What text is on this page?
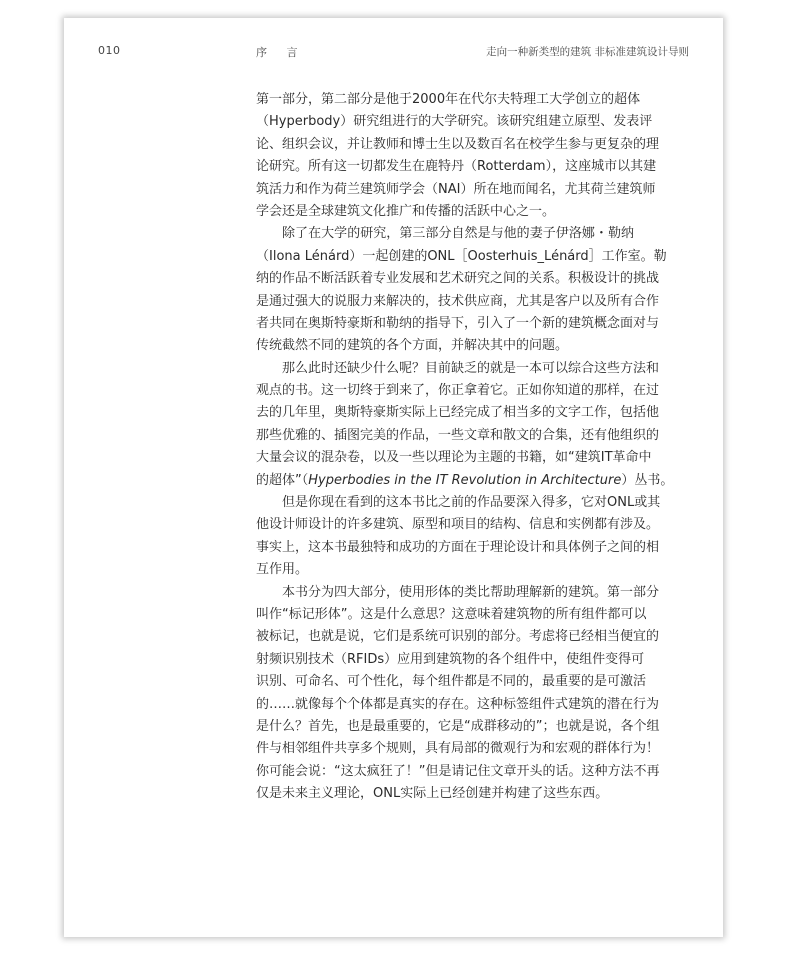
010	序 言	走向一种新类型的建筑 非标准建筑设计导则
第一部分，第二部分是他于2000年在代尔夫特理工大学创立的超体
（Hyperbody）研究组进行的大学研究。该研究组建立原型、发表评
论、组织会议，并让教师和博士生以及数百名在校学生参与更复杂的理
论研究。所有这一切都发生在鹿特丹（Rotterdam），这座城市以其建
筑活力和作为荷兰建筑师学会（NAI）所在地而闻名，尤其荷兰建筑师
学会还是全球建筑文化推广和传播的活跃中心之一。
除了在大学的研究，第三部分自然是与他的妻子伊洛娜・勒纳
（Ilona Lénárd）一起创建的ONL［Oosterhuis_Lénárd］工作室。勒
纳的作品不断活跃着专业发展和艺术研究之间的关系。积极设计的挑战
是通过强大的说服力来解决的，技术供应商，尤其是客户以及所有合作
者共同在奥斯特豪斯和勒纳的指导下，引入了一个新的建筑概念面对与
传统截然不同的建筑的各个方面，并解决其中的问题。
那么此时还缺少什么呢？目前缺乏的就是一本可以综合这些方法和
观点的书。这一切终于到来了，你正拿着它。正如你知道的那样，在过
去的几年里，奥斯特豪斯实际上已经完成了相当多的文字工作，包括他
那些优雅的、插图完美的作品，一些文章和散文的合集，还有他组织的
大量会议的混杂卷，以及一些以理论为主题的书籍，如“建筑IT革命中
的超体”（Hyperbodies in the IT Revolution in Architecture）丛书。
但是你现在看到的这本书比之前的作品要深入得多，它对ONL或其
他设计师设计的许多建筑、原型和项目的结构、信息和实例都有涉及。
事实上，这本书最独特和成功的方面在于理论设计和具体例子之间的相
互作用。
本书分为四大部分，使用形体的类比帮助理解新的建筑。第一部分
叫作“标记形体”。这是什么意思？这意味着建筑物的所有组件都可以
被标记，也就是说，它们是系统可识别的部分。考虑将已经相当便宜的
射频识别技术（RFIDs）应用到建筑物的各个组件中，使组件变得可
识别、可命名、可个性化，每个组件都是不同的，最重要的是可激活
的……就像每个个体都是真实的存在。这种标签组件式建筑的潜在行为
是什么？首先，也是最重要的，它是“成群移动的”；也就是说，各个组
件与相邻组件共享多个规则，具有局部的微观行为和宏观的群体行为！
你可能会说：“这太疯狂了！”但是请记住文章开头的话。这种方法不再
仅是未来主义理论，ONL实际上已经创建并构建了这些东西。
